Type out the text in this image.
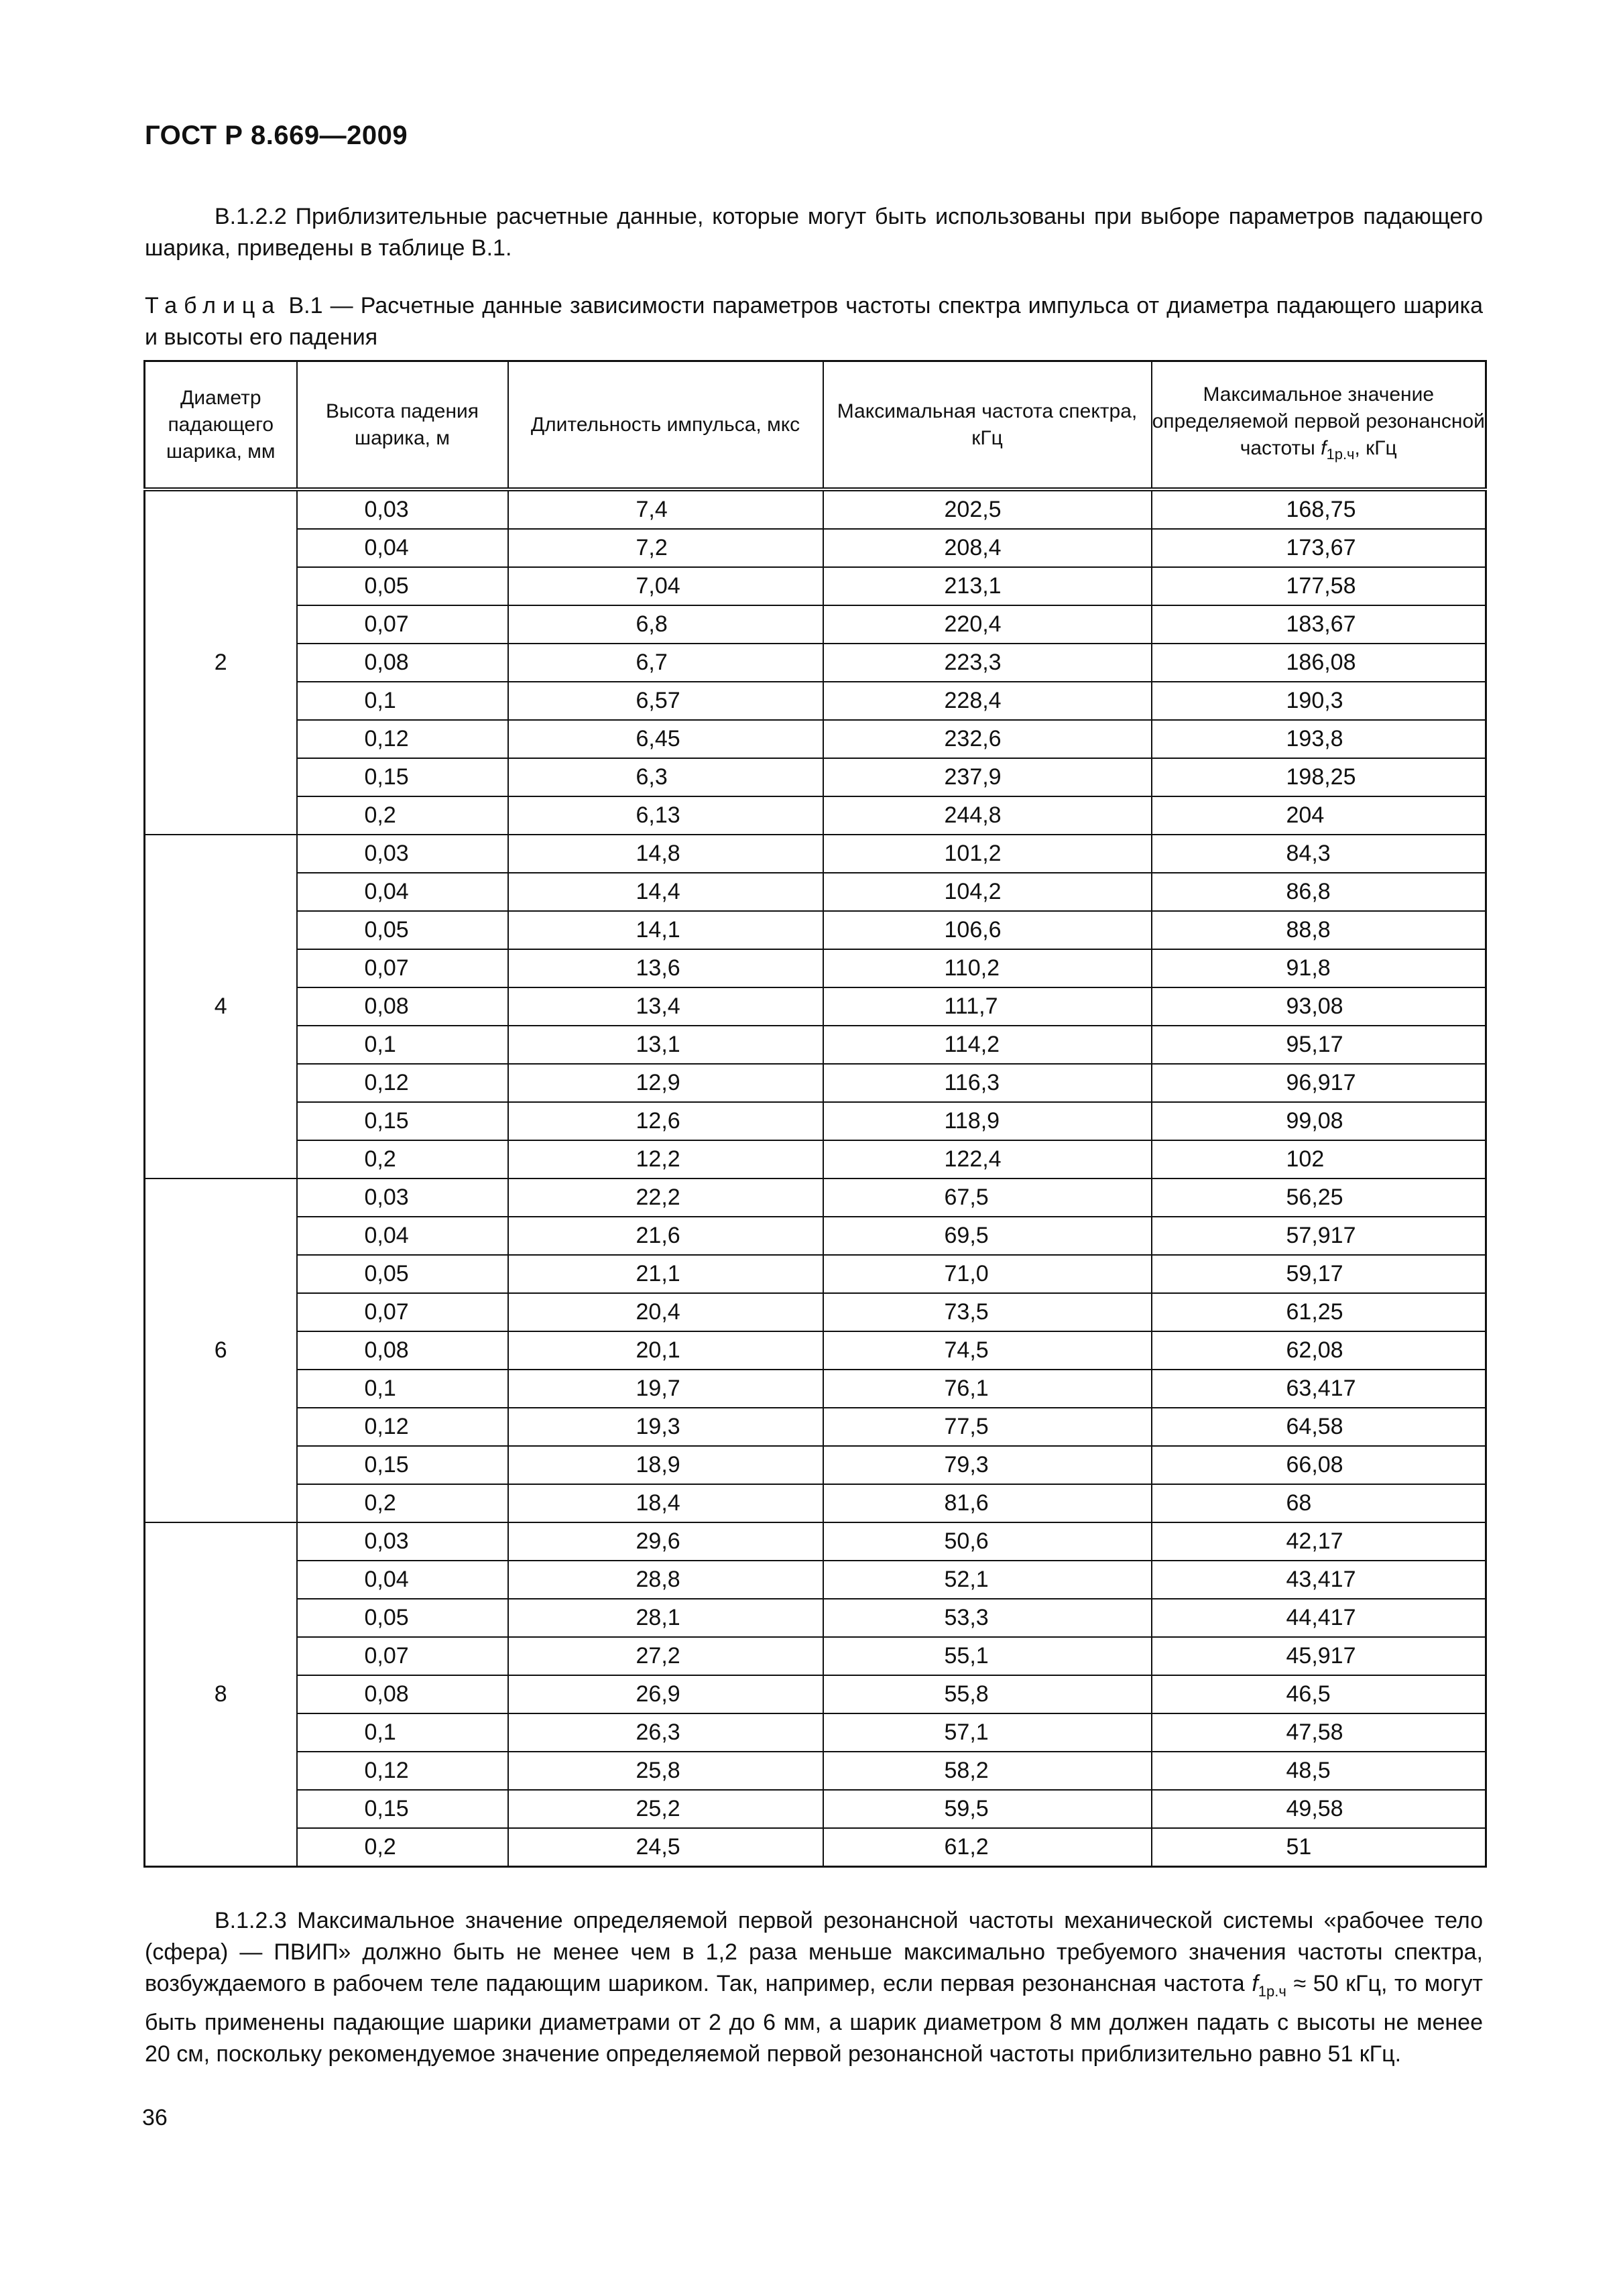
ГОСТ Р 8.669—2009
В.1.2.2 Приблизительные расчетные данные, которые могут быть использованы при выборе параметров падающего шарика, приведены в таблице В.1.
Таблица В.1 — Расчетные данные зависимости параметров частоты спектра импульса от диаметра падающего шарика и высоты его падения
Диаметр падающего шарика, мм	Высота падения шарика, м	Длительность импульса, мкс	Максимальная частота спектра, кГц	Максимальное значение определяемой первой резонансной частоты $f_{1р.ч}$, кГц
2	0,03	7,4	202,5	168,75
	0,04	7,2	208,4	173,67
	0,05	7,04	213,1	177,58
	0,07	6,8	220,4	183,67
	0,08	6,7	223,3	186,08
	0,1	6,57	228,4	190,3
	0,12	6,45	232,6	193,8
	0,15	6,3	237,9	198,25
	0,2	6,13	244,8	204
4	0,03	14,8	101,2	84,3
	0,04	14,4	104,2	86,8
	0,05	14,1	106,6	88,8
	0,07	13,6	110,2	91,8
	0,08	13,4	111,7	93,08
	0,1	13,1	114,2	95,17
	0,12	12,9	116,3	96,917
	0,15	12,6	118,9	99,08
	0,2	12,2	122,4	102
6	0,03	22,2	67,5	56,25
	0,04	21,6	69,5	57,917
	0,05	21,1	71,0	59,17
	0,07	20,4	73,5	61,25
	0,08	20,1	74,5	62,08
	0,1	19,7	76,1	63,417
	0,12	19,3	77,5	64,58
	0,15	18,9	79,3	66,08
	0,2	18,4	81,6	68
8	0,03	29,6	50,6	42,17
	0,04	28,8	52,1	43,417
	0,05	28,1	53,3	44,417
	0,07	27,2	55,1	45,917
	0,08	26,9	55,8	46,5
	0,1	26,3	57,1	47,58
	0,12	25,8	58,2	48,5
	0,15	25,2	59,5	49,58
	0,2	24,5	61,2	51
В.1.2.3 Максимальное значение определяемой первой резонансной частоты механической системы «рабочее тело (сфера) — ПВИП» должно быть не менее чем в 1,2 раза меньше максимально требуемого значения частоты спектра, возбуждаемого в рабочем теле падающим шариком. Так, например, если первая резонансная частота $f_{1р.ч} \approx 50$ кГц, то могут быть применены падающие шарики диаметрами от 2 до 6 мм, а шарик диаметром 8 мм должен падать с высоты не менее 20 см, поскольку рекомендуемое значение определяемой первой резонансной частоты приблизительно равно 51 кГц.
36
